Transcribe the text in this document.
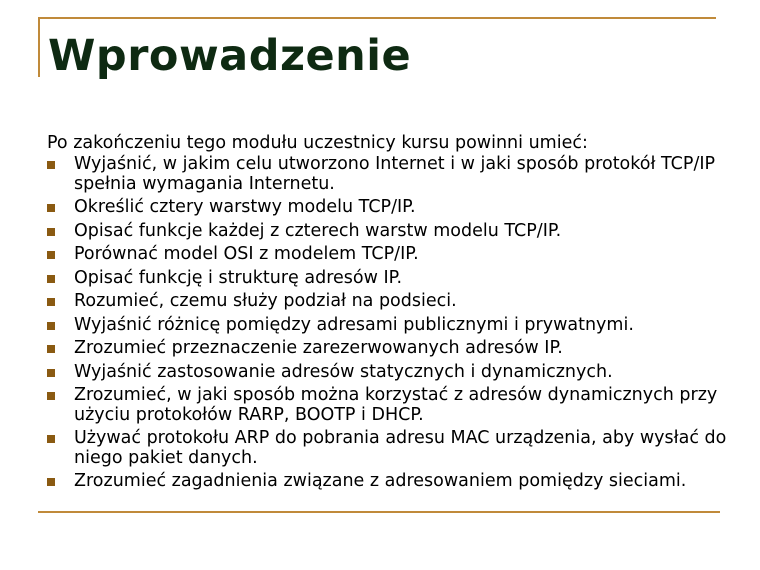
Wprowadzenie

Po zakończeniu tego modułu uczestnicy kursu powinni umieć:

Wyjaśnić, w jakim celu utworzono Internet i w jaki sposób protokół TCP/IP spełnia wymagania Internetu.
Określić cztery warstwy modelu TCP/IP.
Opisać funkcje każdej z czterech warstw modelu TCP/IP.
Porównać model OSI z modelem TCP/IP.
Opisać funkcję i strukturę adresów IP.
Rozumieć, czemu służy podział na podsieci.
Wyjaśnić różnicę pomiędzy adresami publicznymi i prywatnymi.
Zrozumieć przeznaczenie zarezerwowanych adresów IP.
Wyjaśnić zastosowanie adresów statycznych i dynamicznych.
Zrozumieć, w jaki sposób można korzystać z adresów dynamicznych przy użyciu protokołów RARP, BOOTP i DHCP.
Używać protokołu ARP do pobrania adresu MAC urządzenia, aby wysłać do niego pakiet danych.
Zrozumieć zagadnienia związane z adresowaniem pomiędzy sieciami.
